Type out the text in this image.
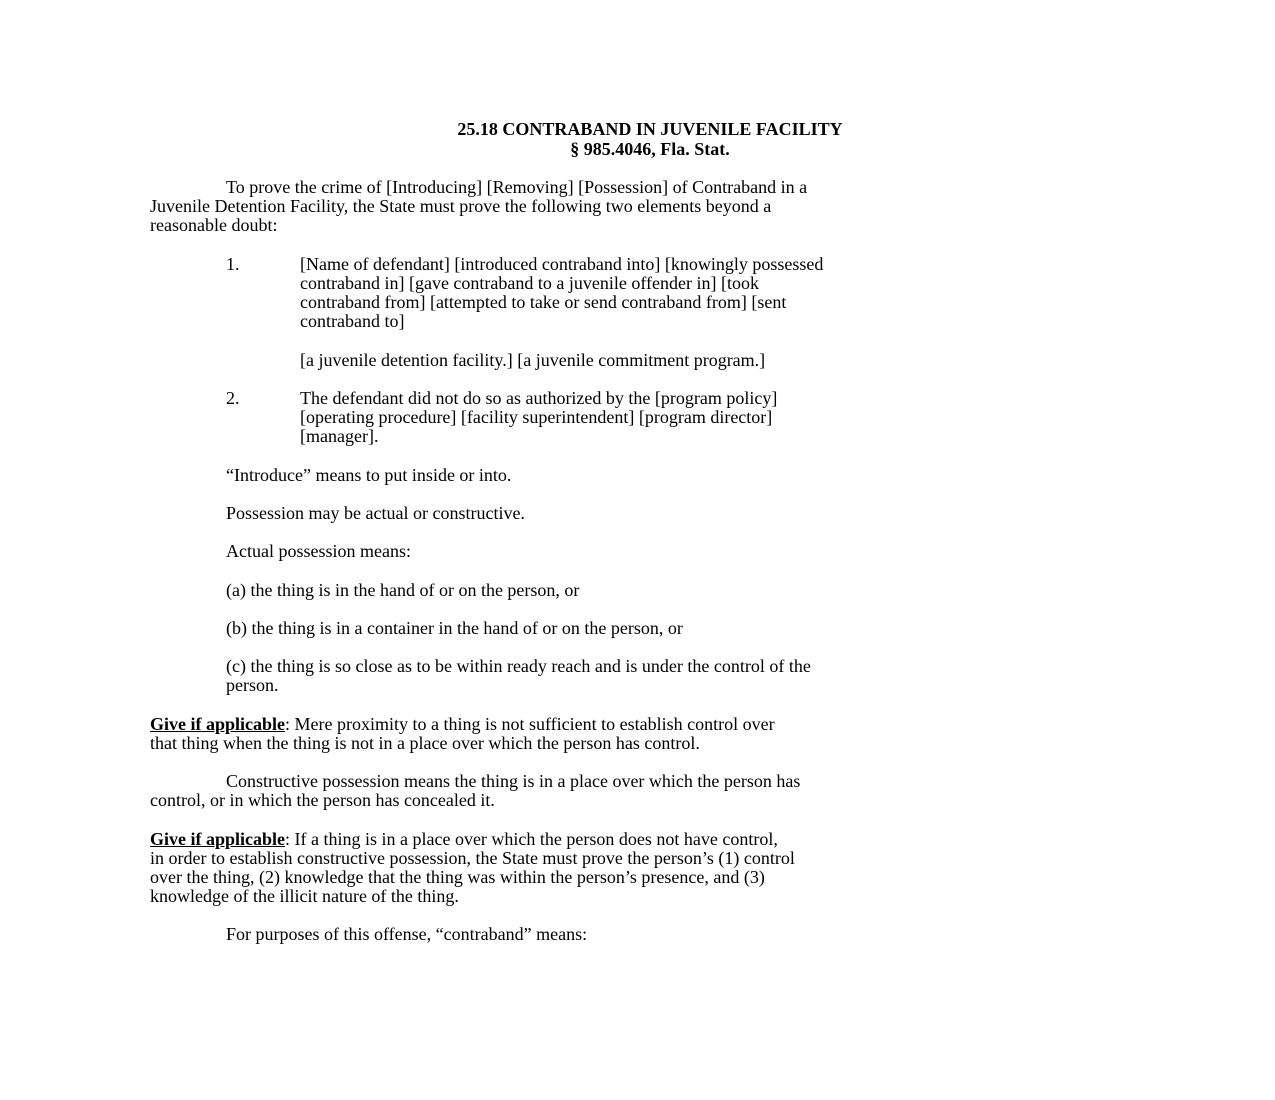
25.18 CONTRABAND IN JUVENILE FACILITY
§ 985.4046, Fla. Stat.
To prove the crime of [Introducing] [Removing] [Possession] of Contraband in a
Juvenile Detention Facility, the State must prove the following two elements beyond a
reasonable doubt:
1.	[Name of defendant] [introduced contraband into] [knowingly possessed
contraband in] [gave contraband to a juvenile offender in] [took
contraband from] [attempted to take or send contraband from] [sent
contraband to]
[a juvenile detention facility.] [a juvenile commitment program.]
2.	The defendant did not do so as authorized by the [program policy]
[operating procedure] [facility superintendent] [program director]
[manager].
“Introduce” means to put inside or into.
Possession may be actual or constructive.
Actual possession means:
(a) the thing is in the hand of or on the person, or
(b) the thing is in a container in the hand of or on the person, or
(c) the thing is so close as to be within ready reach and is under the control of the
person.
Give if applicable: Mere proximity to a thing is not sufficient to establish control over
that thing when the thing is not in a place over which the person has control.
Constructive possession means the thing is in a place over which the person has
control, or in which the person has concealed it.
Give if applicable: If a thing is in a place over which the person does not have control,
in order to establish constructive possession, the State must prove the person’s (1) control
over the thing, (2) knowledge that the thing was within the person’s presence, and (3)
knowledge of the illicit nature of the thing.
For purposes of this offense, “contraband” means:
